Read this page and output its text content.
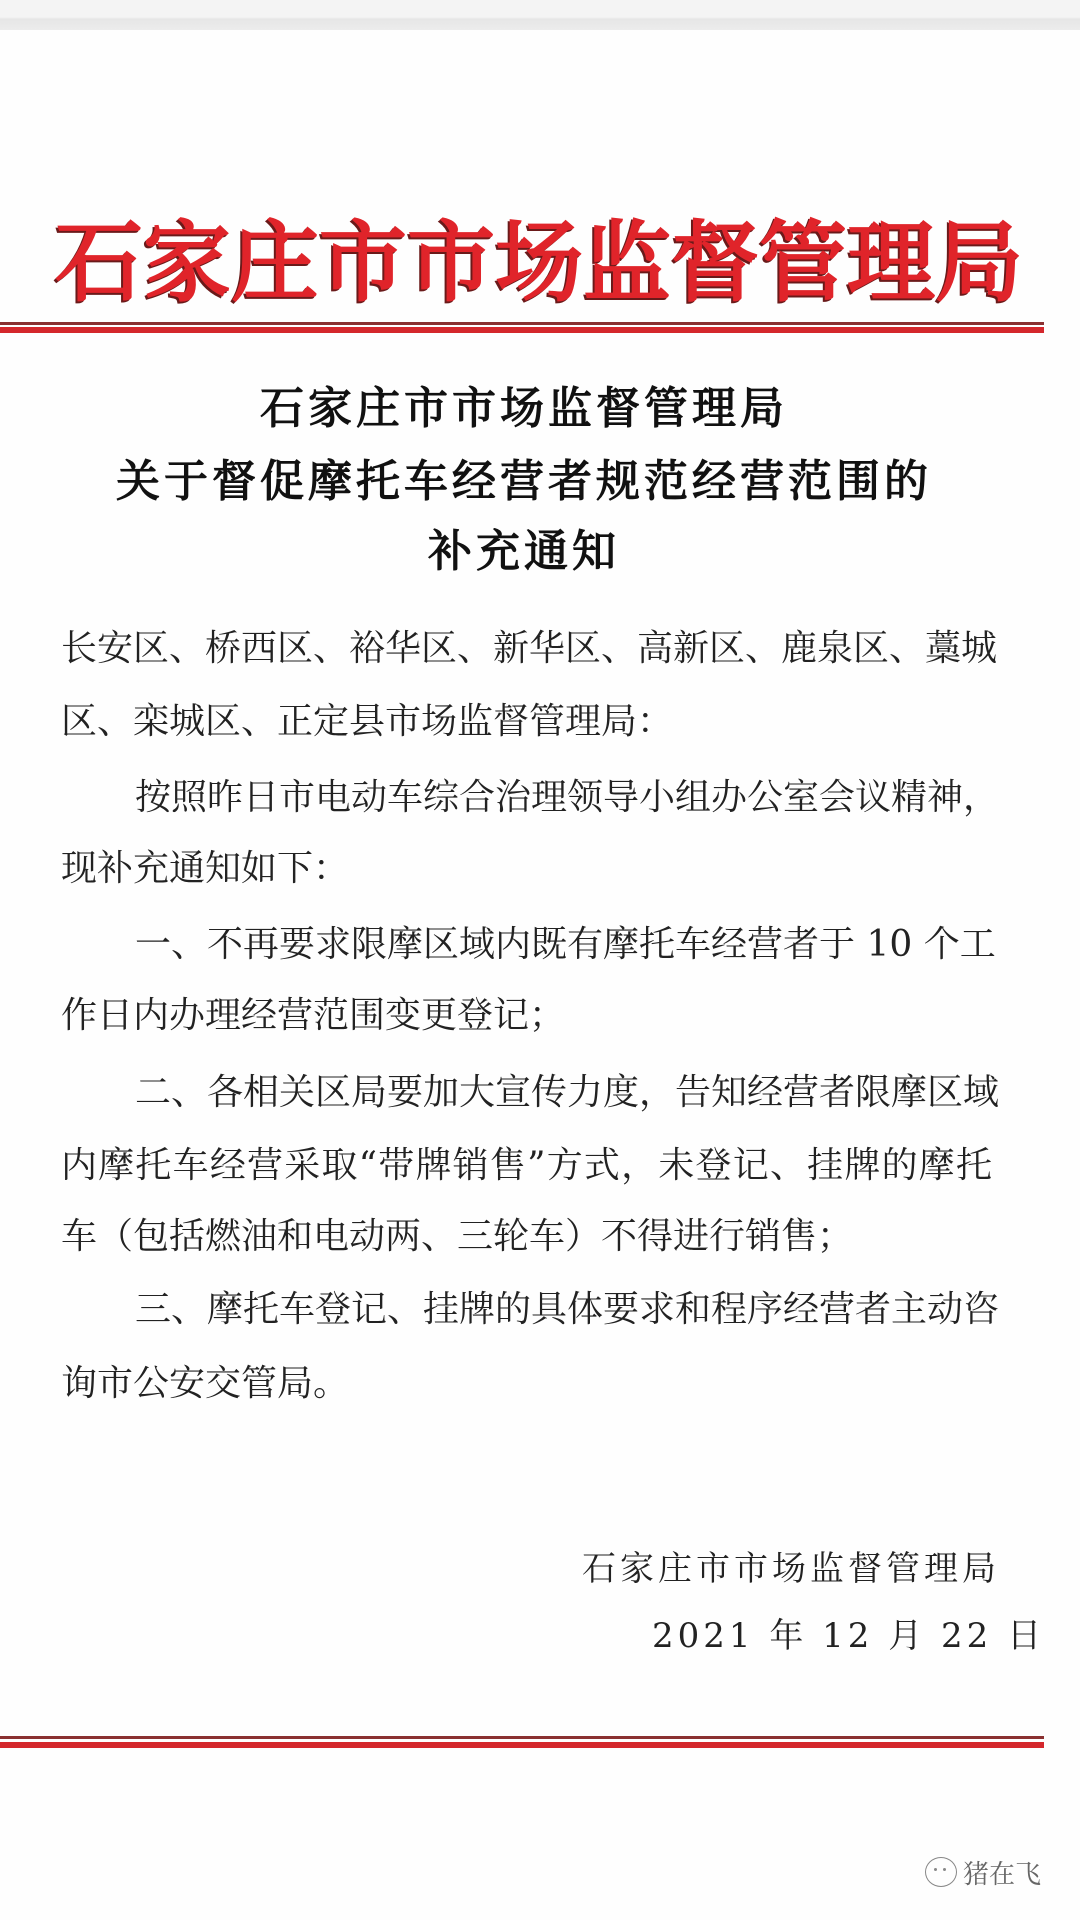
石 家 庄 市 市 场 监 督 管 理 局
石家庄市市场监督管理局
关于督促摩托车经营者规范经营范围的
补充通知
长安区、桥西区、裕华区、新华区、高新区、鹿泉区、藁城
区、栾城区、正定县市场监督管理局：
按照昨日市电动车综合治理领导小组办公室会议精神，
现补充通知如下：
一、不再要求限摩区域内既有摩托车经营者于 10 个工
作日内办理经营范围变更登记；
二、各相关区局要加大宣传力度，告知经营者限摩区域
内摩托车经营采取“带牌销售”方式，未登记、挂牌的摩托
车（包括燃油和电动两、三轮车）不得进行销售；
三、摩托车登记、挂牌的具体要求和程序经营者主动咨
询市公安交管局。
石家庄市市场监督管理局
2021 年 12 月 22 日
猪在飞
